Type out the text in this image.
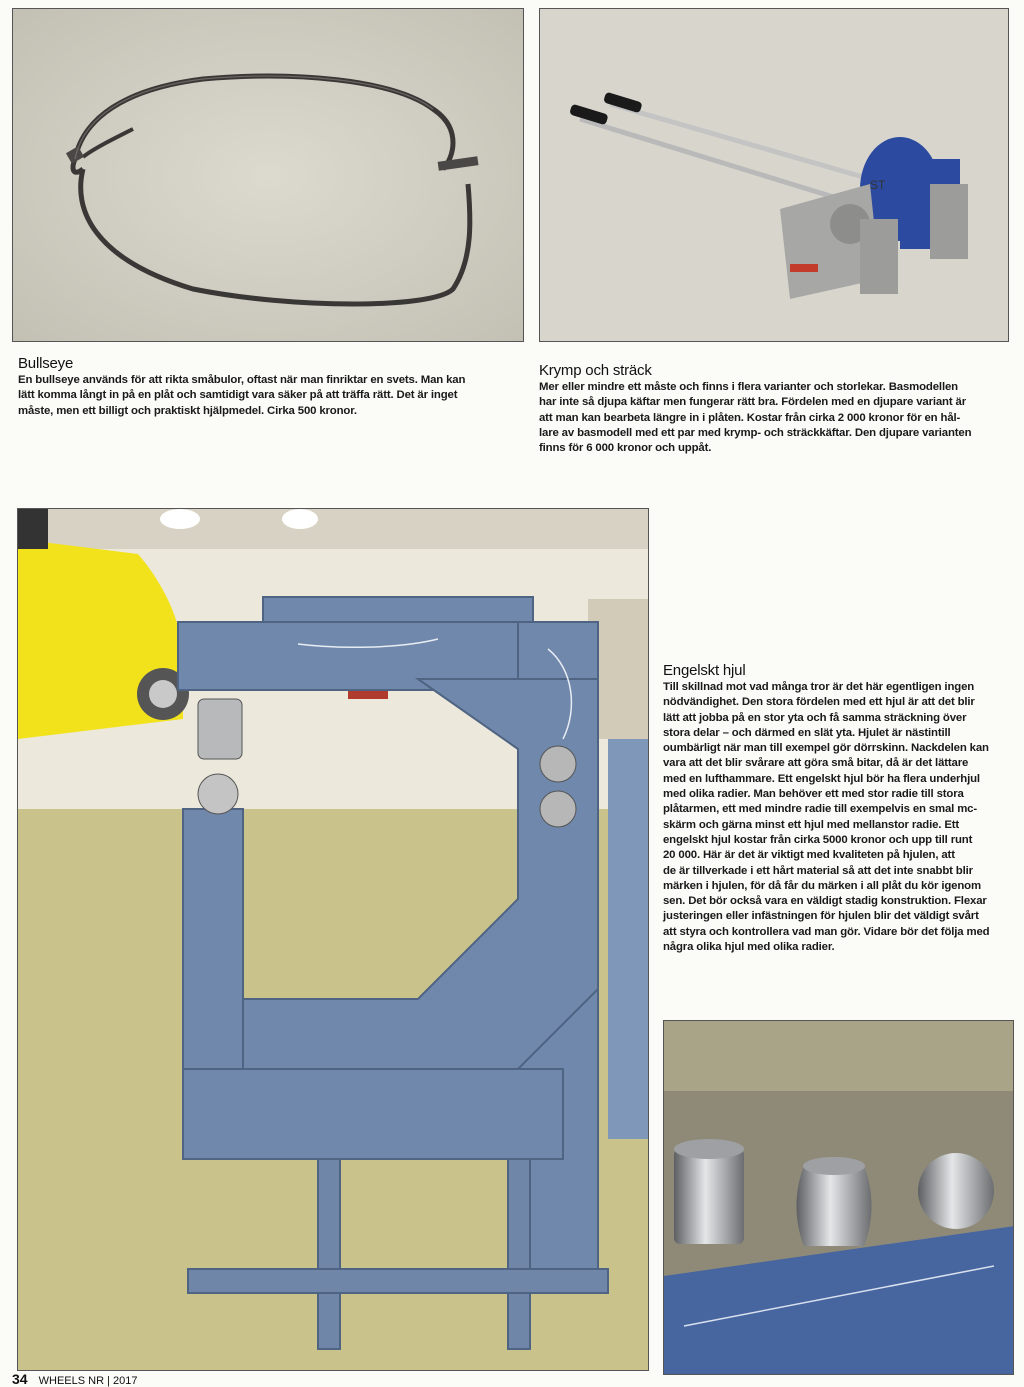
ST
Bullseye
En bullseye används för att rikta småbulor, oftast när man finriktar en svets. Man kan
lätt komma långt in på en plåt och samtidigt vara säker på att träffa rätt. Det är inget
måste, men ett billigt och praktiskt hjälpmedel. Cirka 500 kronor.
Krymp och sträck
Mer eller mindre ett måste och finns i flera varianter och storlekar. Basmodellen
har inte så djupa käftar men fungerar rätt bra. Fördelen med en djupare variant är
att man kan bearbeta längre in i plåten. Kostar från cirka 2 000 kronor för en hål-
lare av basmodell med ett par med krymp- och sträckkäftar. Den djupare varianten
finns för 6 000 kronor och uppåt.
Engelskt hjul
Till skillnad mot vad många tror är det här egentligen ingen
nödvändighet. Den stora fördelen med ett hjul är att det blir
lätt att jobba på en stor yta och få samma sträckning över
stora delar – och därmed en slät yta. Hjulet är nästintill
oumbärligt när man till exempel gör dörrskinn. Nackdelen kan
vara att det blir svårare att göra små bitar, då är det lättare
med en lufthammare. Ett engelskt hjul bör ha flera underhjul
med olika radier. Man behöver ett med stor radie till stora
plåtarmen, ett med mindre radie till exempelvis en smal mc-
skärm och gärna minst ett hjul med mellanstor radie. Ett
engelskt hjul kostar från cirka 5000 kronor och upp till runt
20 000. Här är det är viktigt med kvaliteten på hjulen, att
de är tillverkade i ett hårt material så att det inte snabbt blir
märken i hjulen, för då får du märken i all plåt du kör igenom
sen. Det bör också vara en väldigt stadig konstruktion. Flexar
justeringen eller infästningen för hjulen blir det väldigt svårt
att styra och kontrollera vad man gör. Vidare bör det följa med
några olika hjul med olika radier.
34 WHEELS NR | 2017
